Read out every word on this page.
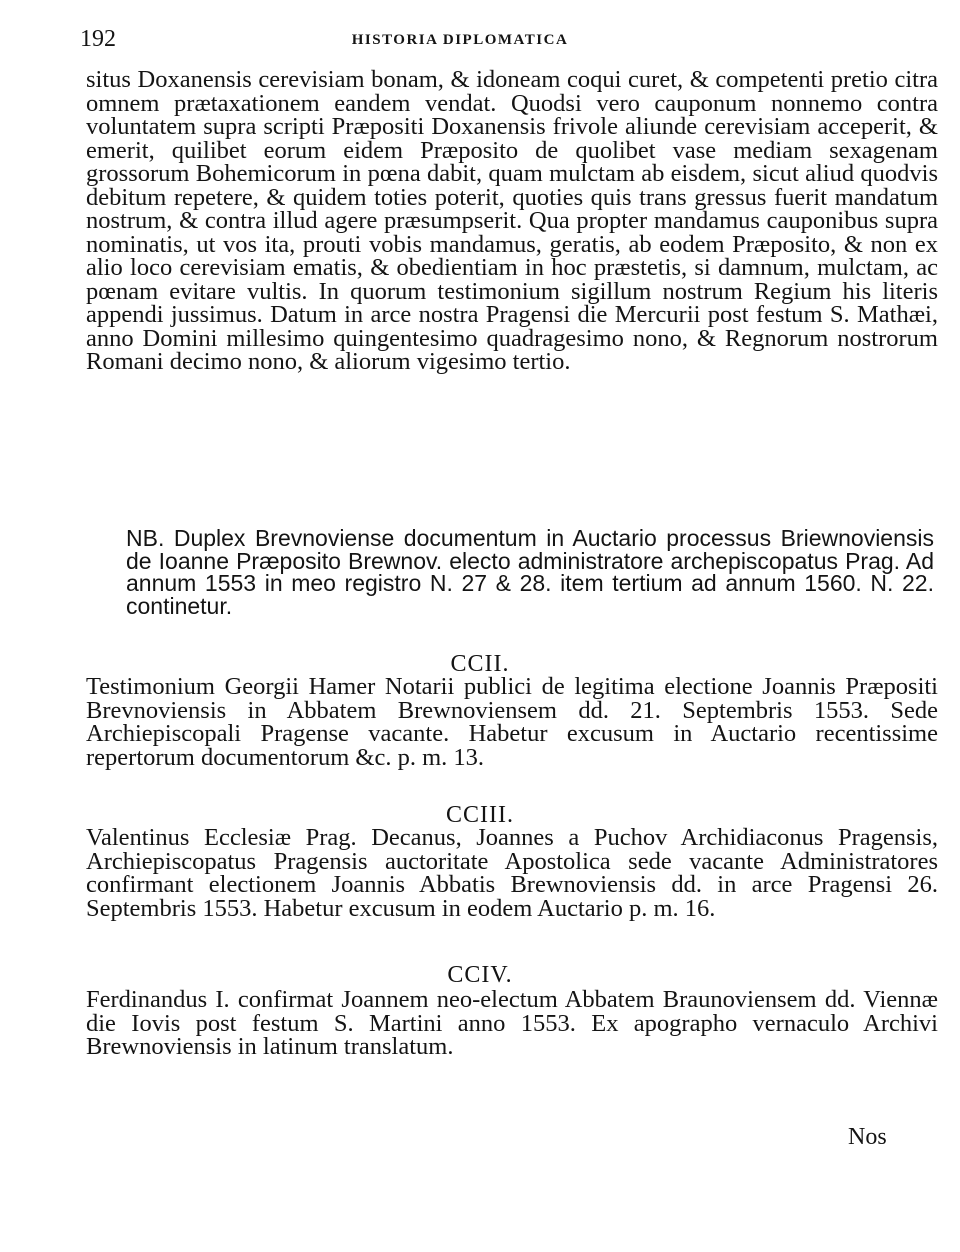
192	HISTORIA DIPLOMATICA
situs Doxanensis cerevisiam bonam, & idoneam coqui curet, & competenti pretio citra omnem prætaxationem eandem vendat. Quodsi vero cauponum nonnemo contra voluntatem supra scripti Præpositi Doxanensis frivole aliunde cerevisiam acceperit, & emerit, quilibet eorum eidem Præposito de quolibet vase mediam sexagenam grossorum Bohemicorum in pœna dabit, quam mulctam ab eisdem, sicut aliud quodvis debitum repetere, & quidem toties poterit, quoties quis trans gressus fuerit mandatum nostrum, & contra illud agere præsumpserit. Qua propter mandamus cauponibus supra nominatis, ut vos ita, prouti vobis mandamus, geratis, ab eodem Præposito, & non ex alio loco cerevisiam ematis, & obedientiam in hoc præstetis, si damnum, mulctam, ac pœnam evitare vultis. In quorum testimonium sigillum nostrum Regium his literis appendi jussimus. Datum in arce nostra Pragensi die Mercurii post festum S. Mathæi, anno Domini millesimo quingentesimo quadragesimo nono, & Regnorum nostrorum Romani decimo nono, & aliorum vigesimo tertio.
NB. Duplex Brevnoviense documentum in Auctario processus Briewnoviensis de Ioanne Præposito Brewnov. electo administratore archepiscopatus Prag. Ad annum 1553 in meo registro N. 27 & 28. item tertium ad annum 1560. N. 22. continetur.
CCII.
Testimonium Georgii Hamer Notarii publici de legitima electione Joannis Præpositi Brevnoviensis in Abbatem Brewnoviensem dd. 21. Septembris 1553. Sede Archiepiscopali Pragense vacante. Habetur excusum in Auctario recentissime repertorum documentorum &c. p. m. 13.
CCIII.
Valentinus Ecclesiæ Prag. Decanus, Joannes a Puchov Archidiaconus Pragensis, Archiepiscopatus Pragensis auctoritate Apostolica sede vacante Administratores confirmant electionem Joannis Abbatis Brewnoviensis dd. in arce Pragensi 26. Septembris 1553. Habetur excusum in eodem Auctario p. m. 16.
CCIV.
Ferdinandus I. confirmat Joannem neo-electum Abbatem Braunoviensem dd. Viennæ die Iovis post festum S. Martini anno 1553. Ex apographo vernaculo Archivi Brewnoviensis in latinum translatum.
Nos
